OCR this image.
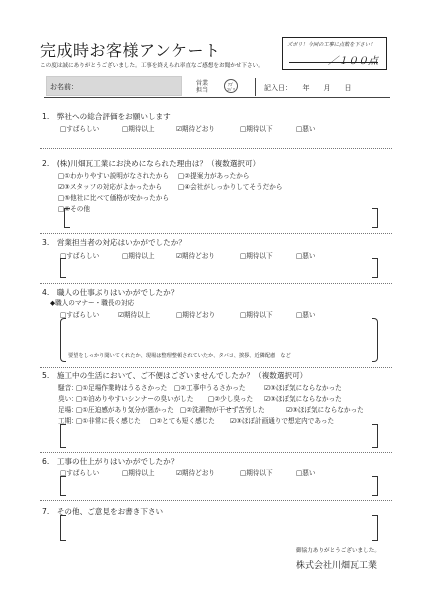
完成時お客様アンケート
この度は誠にありがとうございました。工事を終えられ率直なご感想をお聞かせ下さい。
ズボリ！今回の工事に点数を下さい！
／１００点
お名前：	営業
担当
ｱｽﾞ
ｺﾊﾞﾘ	記入日：　　年　　月　　日
1.　弊社への総合評価をお願いします
□すばらしい	□期待以上	☑期待どおり	□期待以下	□悪い
2.　(株)川畑瓦工業にお決めになられた理由は？（複数選択可）
□①わかりやすい説明がなされたから □②提案力があったから
☑③スタッフの対応がよかったから □④会社がしっかりしてそうだから
□⑤他社に比べて価格が安かったから
□⑥その他
3.　営業担当者の対応はいかがでしたか？
□すばらしい	□期待以上	☑期待どおり	□期待以下	□悪い
4.　職人の仕事ぶりはいかがでしたか？
◆職人のマナー・職長の対応
□すばらしい	☑期待以上	□期待どおり	□期待以下	□悪い
要望をしっかり聞いてくれたか、現場は整理整頓されていたか、タバコ、挨拶、近隣配慮　など
5.　施工中の生活において、ご不便はございませんでしたか？（複数選択可）
騒音：
□①足場作業時はうるさかった □②工事中うるさかった	☑③ほぼ気にならなかった
臭い：
□①泊めりやすいシンナーの臭いがした □②少し臭った ☑③ほぼ気にならなかった
足場：
□①圧迫感があり気分が悪かった □②洗濯物が干せず苦労した	☑③ほぼ気にならなかった
工期：
□①非常に長く感じた □②とても短く感じた ☑③ほぼ計画通りで想定内であった
6.　工事の仕上がりはいかがでしたか？
□すばらしい	□期待以上	☑期待どおり	□期待以下	□悪い
7.　その他、ご意見をお書き下さい
御協力ありがとうございました。
株式会社川畑瓦工業
